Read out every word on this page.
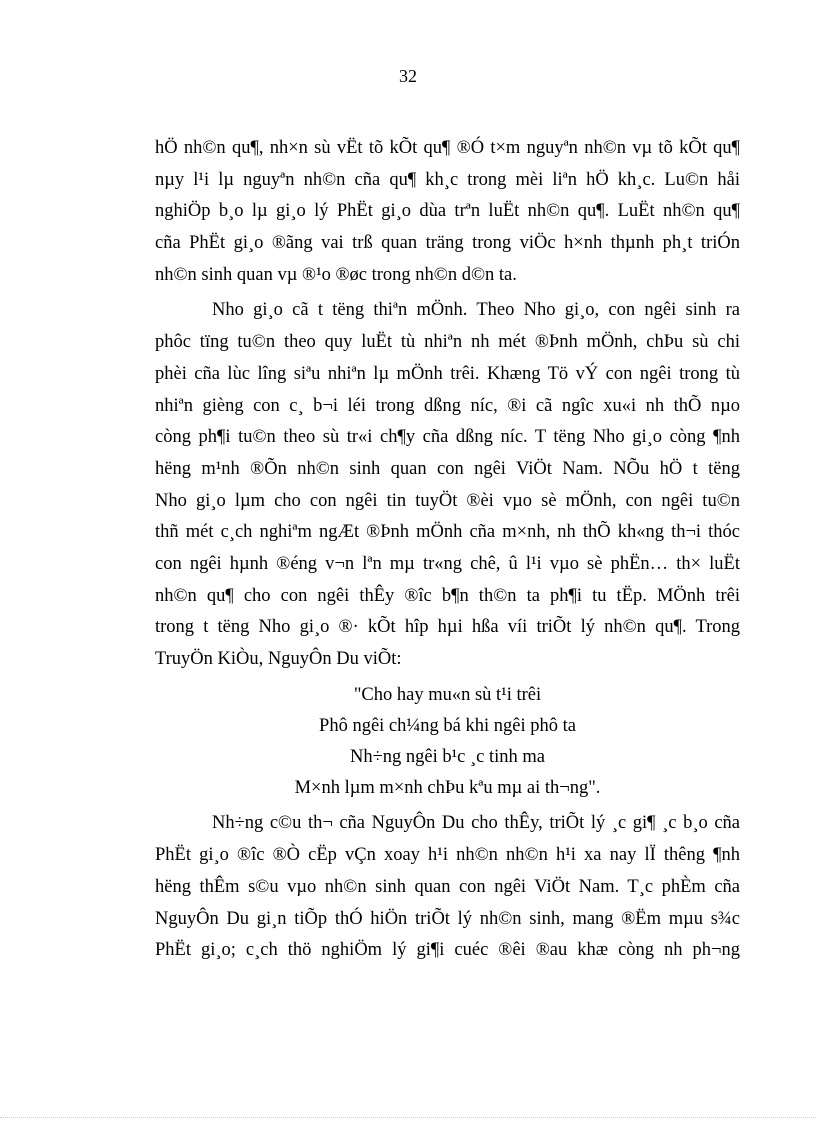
32
hÖ nh©n qu¶, nh×n sù vËt tõ kÕt qu¶ ®Ó t×m nguyªn nh©n vµ tõ kÕt qu¶
nµy l¹i lµ nguyªn nh©n cña qu¶ kh¸c trong mèi liªn hÖ kh¸c. Lu©n håi
nghiÖp b¸o lµ gi¸o lý PhËt gi¸o dùa trªn luËt nh©n qu¶. LuËt nh©n qu¶
cña PhËt gi¸o ®ãng vai trß quan träng trong viÖc h×nh thµnh ph¸t triÓn
nh©n sinh quan vµ ®¹o ®øc trong nh©n d©n ta.
Nho gi¸o cã t tëng thiªn mÖnh. Theo Nho gi¸o, con ngêi sinh ra
phôc tïng tu©n theo quy luËt tù nhiªn nh mét ®Þnh mÖnh, chÞu sù chi
phèi cña lùc lîng siªu nhiªn lµ mÖnh trêi. Khæng Tö vÝ con ngêi trong tù
nhiªn gièng con c¸ b¬i léi trong dßng níc, ®i cã ngîc xu«i nh thÕ nµo
còng ph¶i tu©n theo sù tr«i ch¶y cña dßng níc. T tëng Nho gi¸o còng ¶nh
hëng m¹nh ®Õn nh©n sinh quan con ngêi ViÖt Nam. NÕu hÖ t tëng
Nho gi¸o lµm cho con ngêi tin tuyÖt ®èi vµo sè mÖnh, con ngêi tu©n
thñ mét c¸ch nghiªm ngÆt ®Þnh mÖnh cña m×nh, nh thÕ kh«ng th¬i thóc
con ngêi hµnh ®éng v¬n lªn mµ tr«ng chê, û l¹i vµo sè phËn… th× luËt
nh©n qu¶ cho con ngêi thÊy ®îc b¶n th©n ta ph¶i tu tËp. MÖnh trêi
trong t tëng Nho gi¸o ®· kÕt hîp hµi hßa víi triÕt lý nh©n qu¶. Trong
TruyÖn KiÒu, NguyÔn Du viÕt:
"Cho hay mu«n sù t¹i trêi
Phô ngêi ch¼ng bá khi ngêi phô ta
Nh÷ng ngêi b¹c ¸c tinh ma
M×nh lµm m×nh chÞu kªu mµ ai th¬ng".
Nh÷ng c©u th¬ cña NguyÔn Du cho thÊy, triÕt lý ¸c gi¶ ¸c b¸o cña
PhËt gi¸o ®îc ®Ò cËp vÇn xoay h¹i nh©n nh©n h¹i xa nay lÏ thêng ¶nh
hëng thÊm s©u vµo nh©n sinh quan con ngêi ViÖt Nam. T¸c phÈm cña
NguyÔn Du gi¸n tiÕp thÓ hiÖn triÕt lý nh©n sinh, mang ®Ëm mµu s¾c
PhËt gi¸o; c¸ch thö nghiÖm lý gi¶i cuéc ®êi ®au khæ còng nh ph¬ng
